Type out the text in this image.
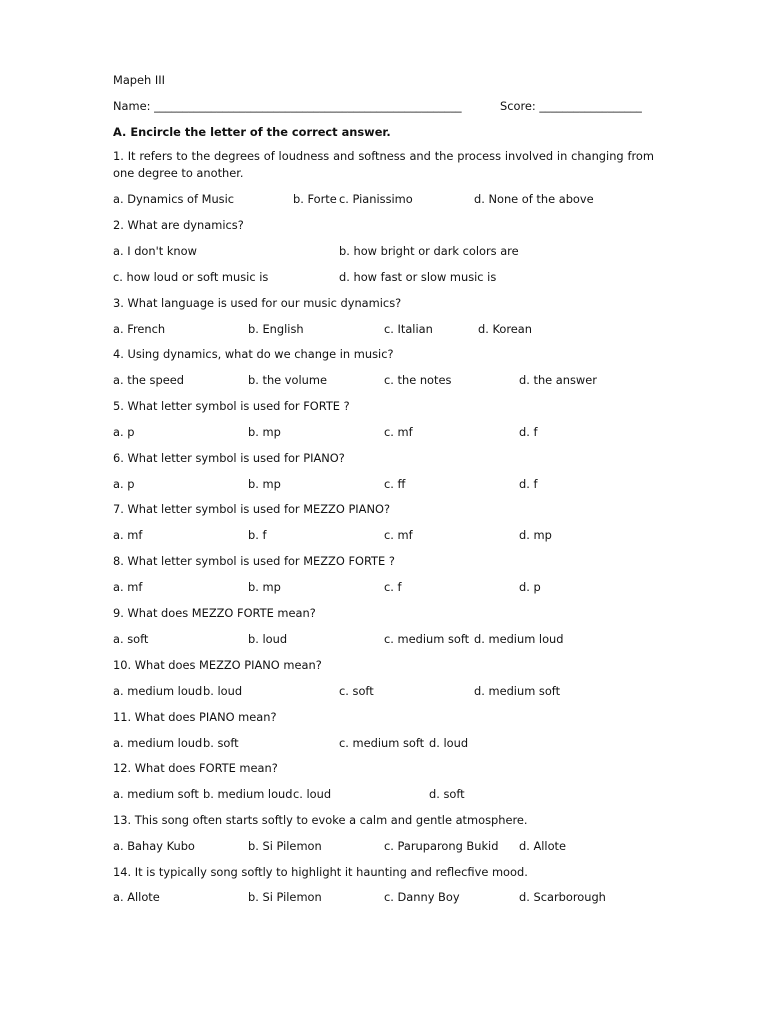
Mapeh III
Name: ______________________________________________________	Score: __________________
A. Encircle the letter of the correct answer.
1. It refers to the degrees of loudness and softness and the process involved in changing from one degree to another.
a. Dynamics of Music	b. Forte c. Pianissimo	d. None of the above
2. What are dynamics?
a. I don't know	b. how bright or dark colors are
c. how loud or soft music is	d. how fast or slow music is
3. What language is used for our music dynamics?
a. French	b. English	c. Italian	d. Korean
4. Using dynamics, what do we change in music?
a. the speed	b. the volume	c. the notes	d. the answer
5. What letter symbol is used for FORTE ?
a. p	b. mp	c. mf	d. f
6. What letter symbol is used for PIANO?
a. p	b. mp	c. ff	d. f
7. What letter symbol is used for MEZZO PIANO?
a. mf	b. f	c. mf	d. mp
8. What letter symbol is used for MEZZO FORTE ?
a. mf	b. mp	c. f	d. p
9. What does MEZZO FORTE mean?
a. soft	b. loud	c. medium soft d. medium loud
10. What does MEZZO PIANO mean?
a. medium loud b. loud	c. soft	d. medium soft
11. What does PIANO mean?
a. medium loud b. soft	c. medium soft d. loud
12. What does FORTE mean?
a. medium soft b. medium loud c. loud	d. soft
13. This song often starts softly to evoke a calm and gentle atmosphere.
a. Bahay Kubo	b. Si Pilemon	c. Paruparong Bukid d. Allote
14. It is typically song softly to highlight it haunting and reflecfive mood.
a. Allote	b. Si Pilemon	c. Danny Boy	d. Scarborough
